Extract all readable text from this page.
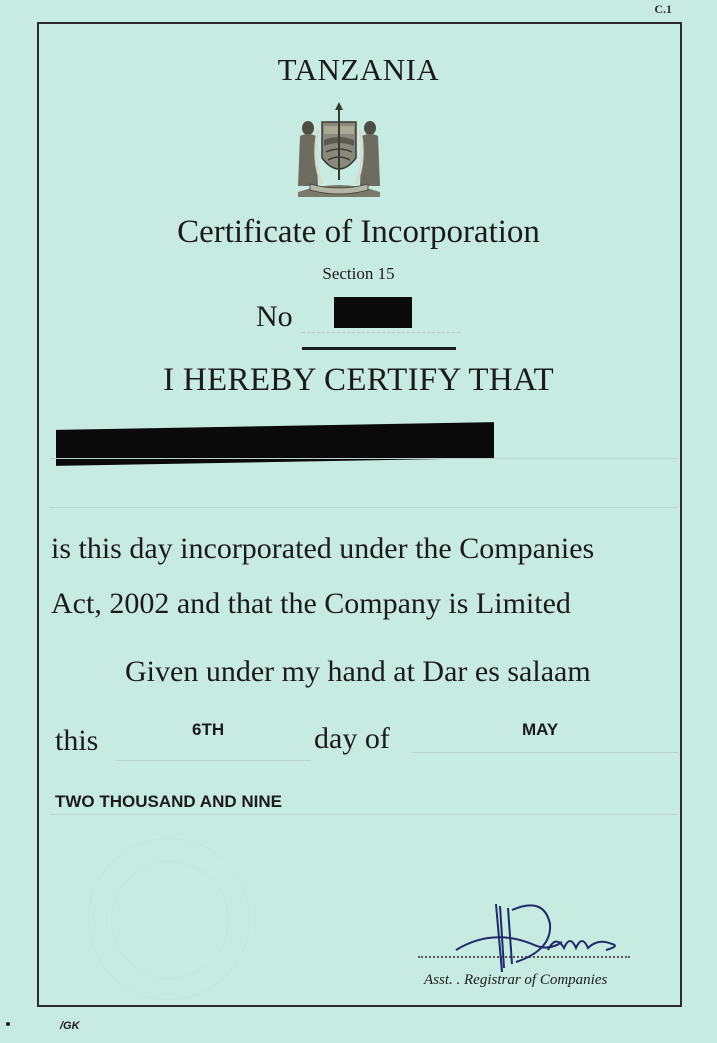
C.1
TANZANIA
Certificate of Incorporation
Section 15
No
I HEREBY CERTIFY THAT
is this day incorporated under the Companies
Act, 2002 and that the Company is Limited
Given under my hand at Dar es salaam
this	6TH	day of	MAY
TWO THOUSAND AND NINE
Asst. . Registrar of Companies
/GK
